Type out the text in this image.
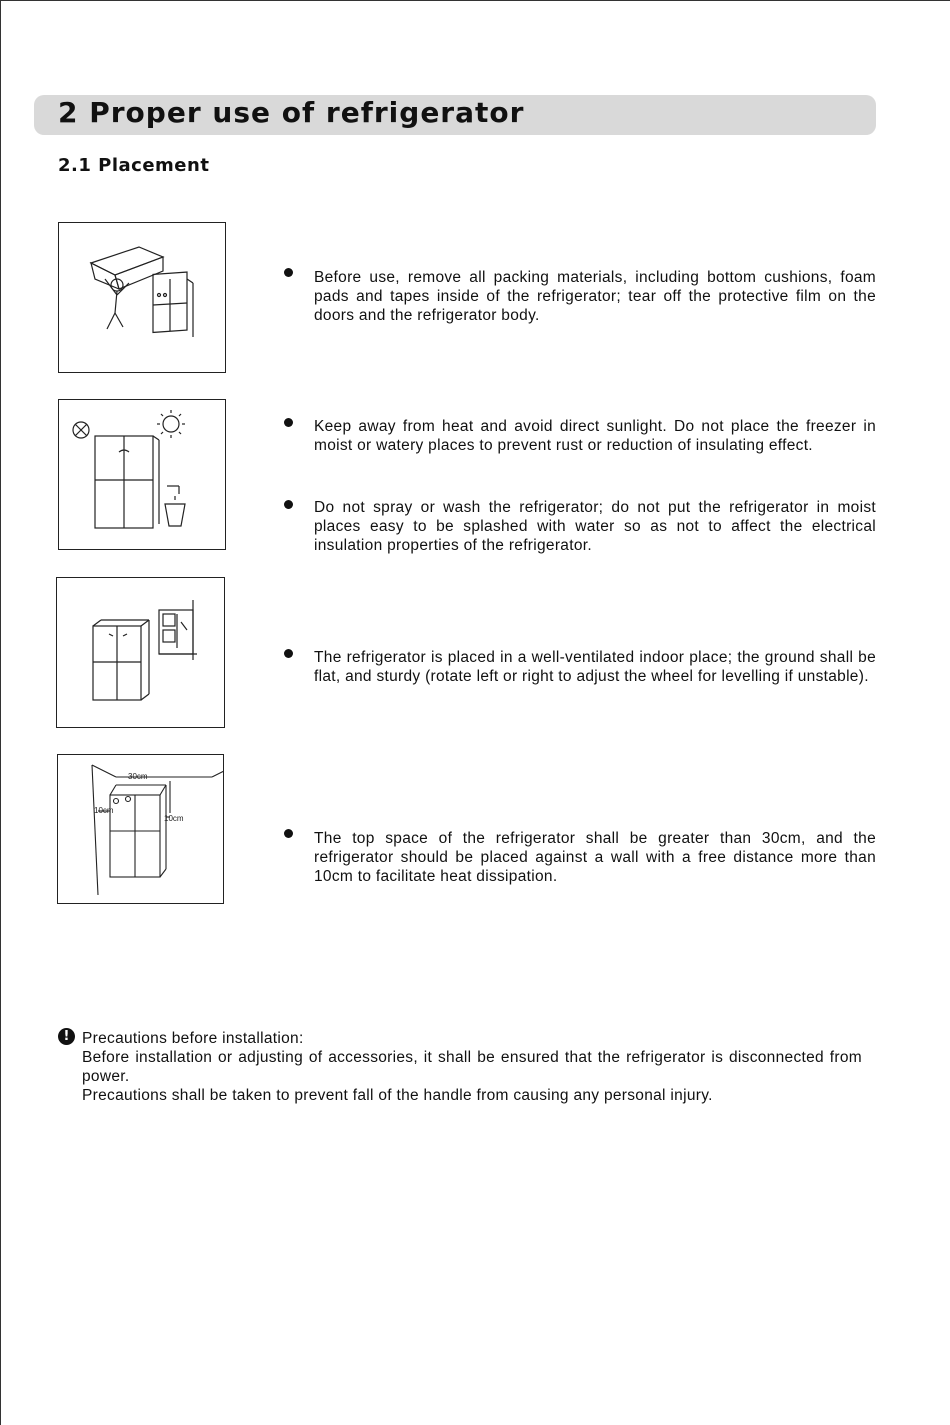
2 Proper use of refrigerator
2.1 Placement
Before use, remove all packing materials, including bottom cushions, foam pads and tapes inside of the refrigerator; tear off the protective film on the doors and the refrigerator body.
Keep away from heat and avoid direct sunlight. Do not place the freezer in moist or watery places to prevent rust or reduction of insulating effect.
Do not spray or wash the refrigerator; do not put the refrigerator in moist places easy to be splashed with water so as not to affect the electrical insulation properties of the refrigerator.
The refrigerator is placed in a well-ventilated indoor place; the ground shall be flat, and sturdy (rotate left or right to adjust the wheel for levelling if unstable).
30cm
10cm
10cm
The top space of the refrigerator shall be greater than 30cm, and the refrigerator should be placed against a wall with a free distance more than 10cm to facilitate heat dissipation.
! Precautions before installation:
Before installation or adjusting of accessories, it shall be ensured that the refrigerator is disconnected from power.
Precautions shall be taken to prevent fall of the handle from causing any personal injury.
